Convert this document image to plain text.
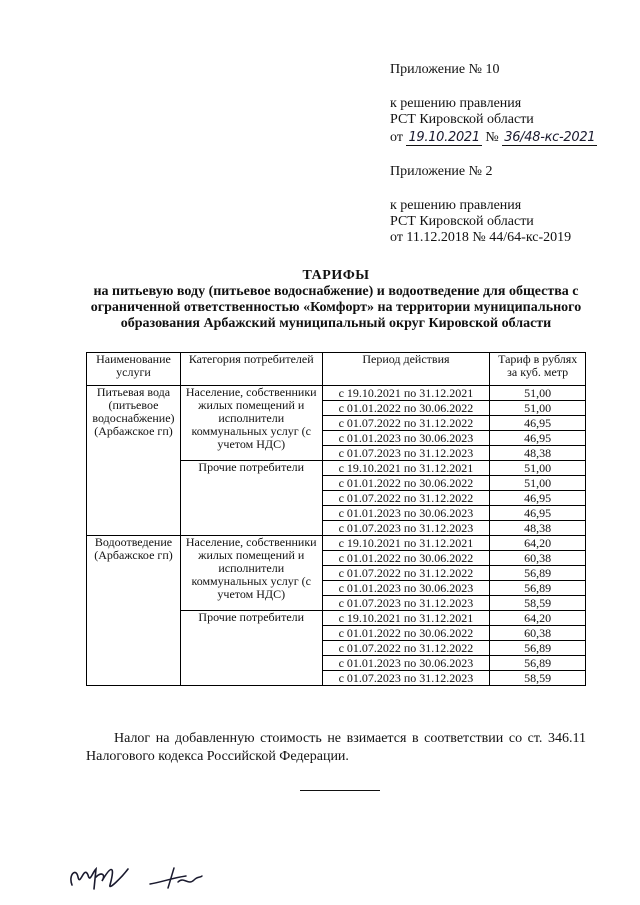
Приложение № 10
к решению правления
РСТ Кировской области
от 19.10.2021 № 36/48-кс-2021
Приложение № 2
к решению правления
РСТ Кировской области
от 11.12.2018 № 44/64-кс-2019
ТАРИФЫ
на питьевую воду (питьевое водоснабжение) и водоотведение для общества с ограниченной ответственностью «Комфорт» на территории муниципального образования Арбажский муниципальный округ Кировской области
Наименование услуги	Категория потребителей	Период действия	Тариф в рублях за куб. метр
Питьевая вода (питьевое водоснабжение) (Арбажское гп)	Население, собственники жилых помещений и исполнители коммунальных услуг (с учетом НДС)	с 19.10.2021 по 31.12.2021	51,00
		с 01.01.2022 по 30.06.2022	51,00
		с 01.07.2022 по 31.12.2022	46,95
		с 01.01.2023 по 30.06.2023	46,95
		с 01.07.2023 по 31.12.2023	48,38
	Прочие потребители	с 19.10.2021 по 31.12.2021	51,00
		с 01.01.2022 по 30.06.2022	51,00
		с 01.07.2022 по 31.12.2022	46,95
		с 01.01.2023 по 30.06.2023	46,95
		с 01.07.2023 по 31.12.2023	48,38
Водоотведение (Арбажское гп)	Население, собственники жилых помещений и исполнители коммунальных услуг (с учетом НДС)	с 19.10.2021 по 31.12.2021	64,20
		с 01.01.2022 по 30.06.2022	60,38
		с 01.07.2022 по 31.12.2022	56,89
		с 01.01.2023 по 30.06.2023	56,89
		с 01.07.2023 по 31.12.2023	58,59
	Прочие потребители	с 19.10.2021 по 31.12.2021	64,20
		с 01.01.2022 по 30.06.2022	60,38
		с 01.07.2022 по 31.12.2022	56,89
		с 01.01.2023 по 30.06.2023	56,89
		с 01.07.2023 по 31.12.2023	58,59
Налог на добавленную стоимость не взимается в соответствии со ст. 346.11 Налогового кодекса Российской Федерации.
